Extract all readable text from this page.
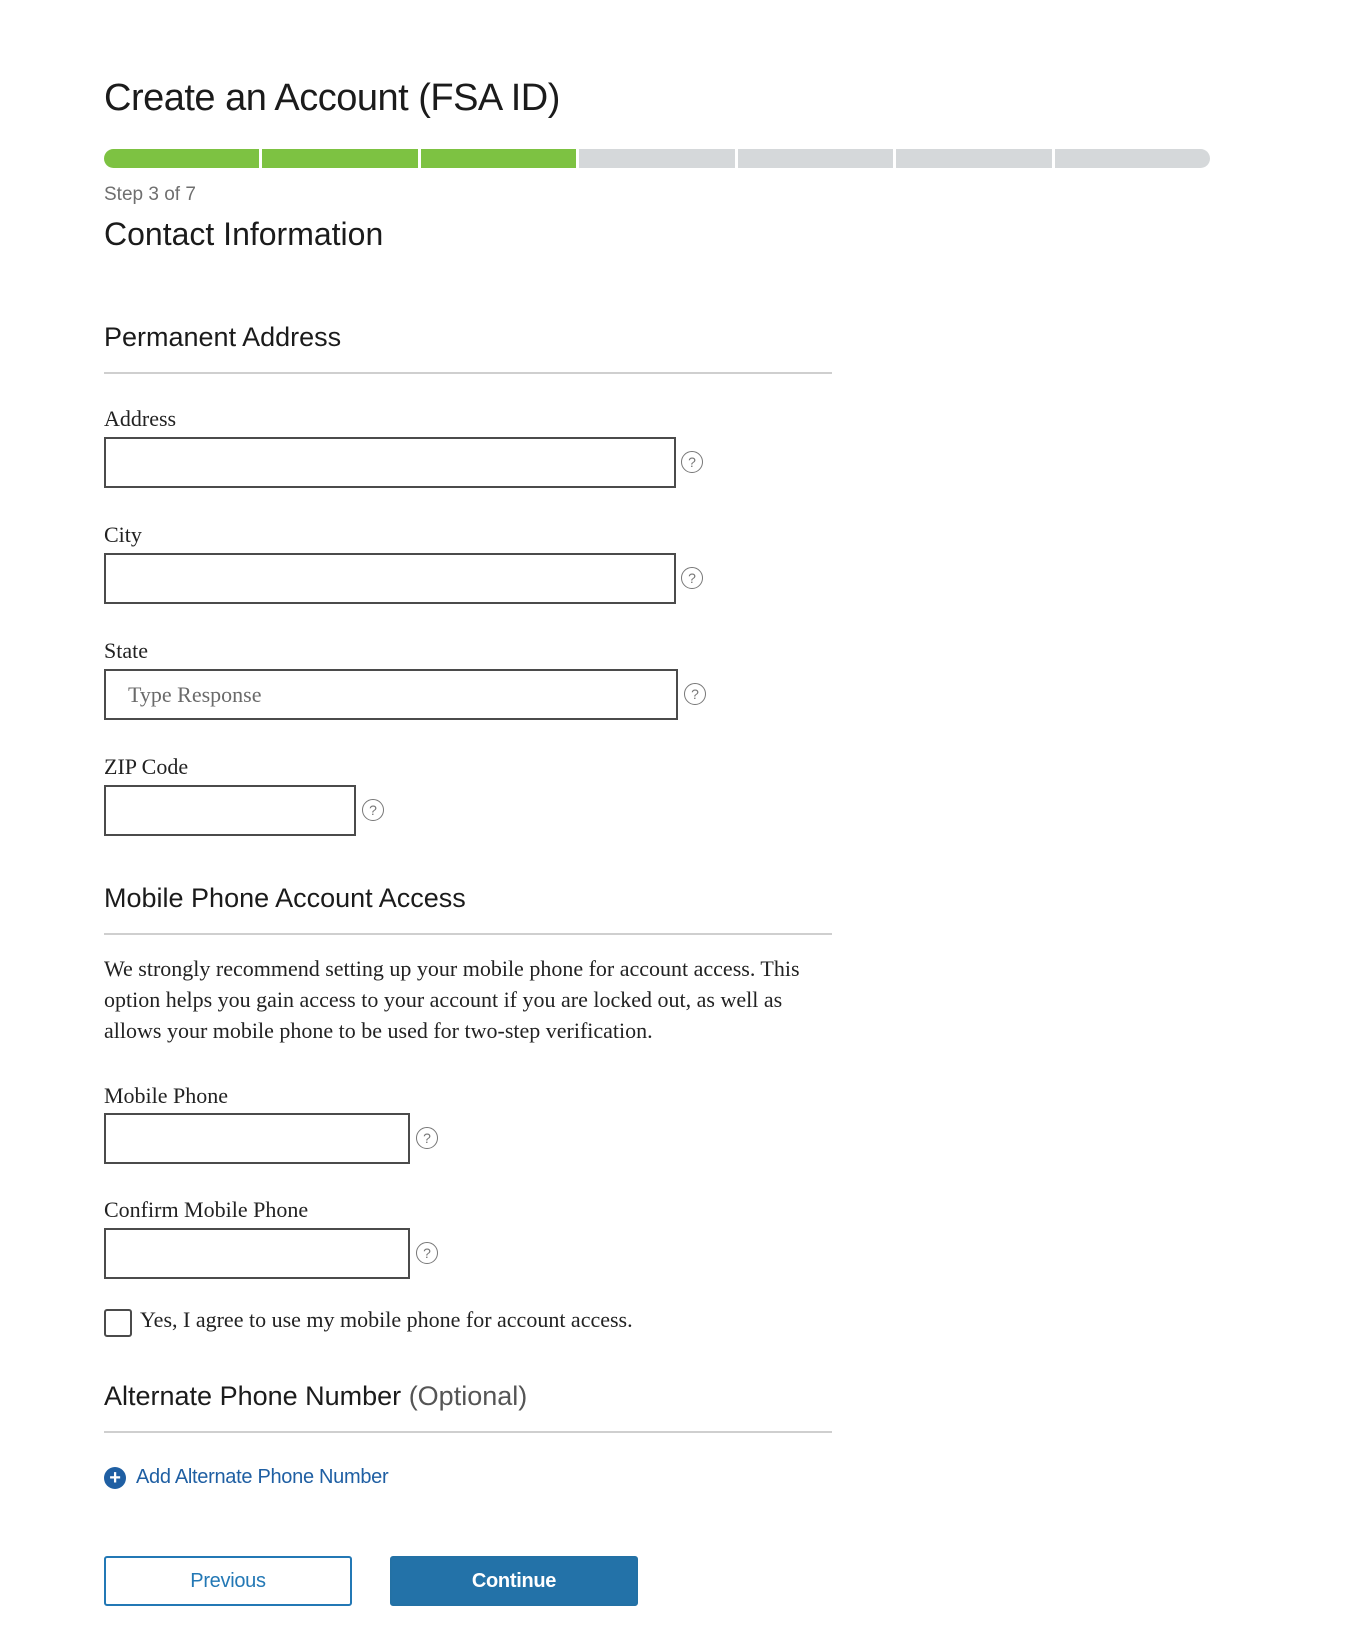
Create an Account (FSA ID)
Step 3 of 7
Contact Information
Permanent Address
Address
?
City
?
State
Type Response
?
ZIP Code
?
Mobile Phone Account Access
We strongly recommend setting up your mobile phone for account access. This option helps you gain access to your account if you are locked out, as well as allows your mobile phone to be used for two-step verification.
Mobile Phone
?
Confirm Mobile Phone
?
Yes, I agree to use my mobile phone for account access.
Alternate Phone Number (Optional)
+ Add Alternate Phone Number
Previous	Continue
